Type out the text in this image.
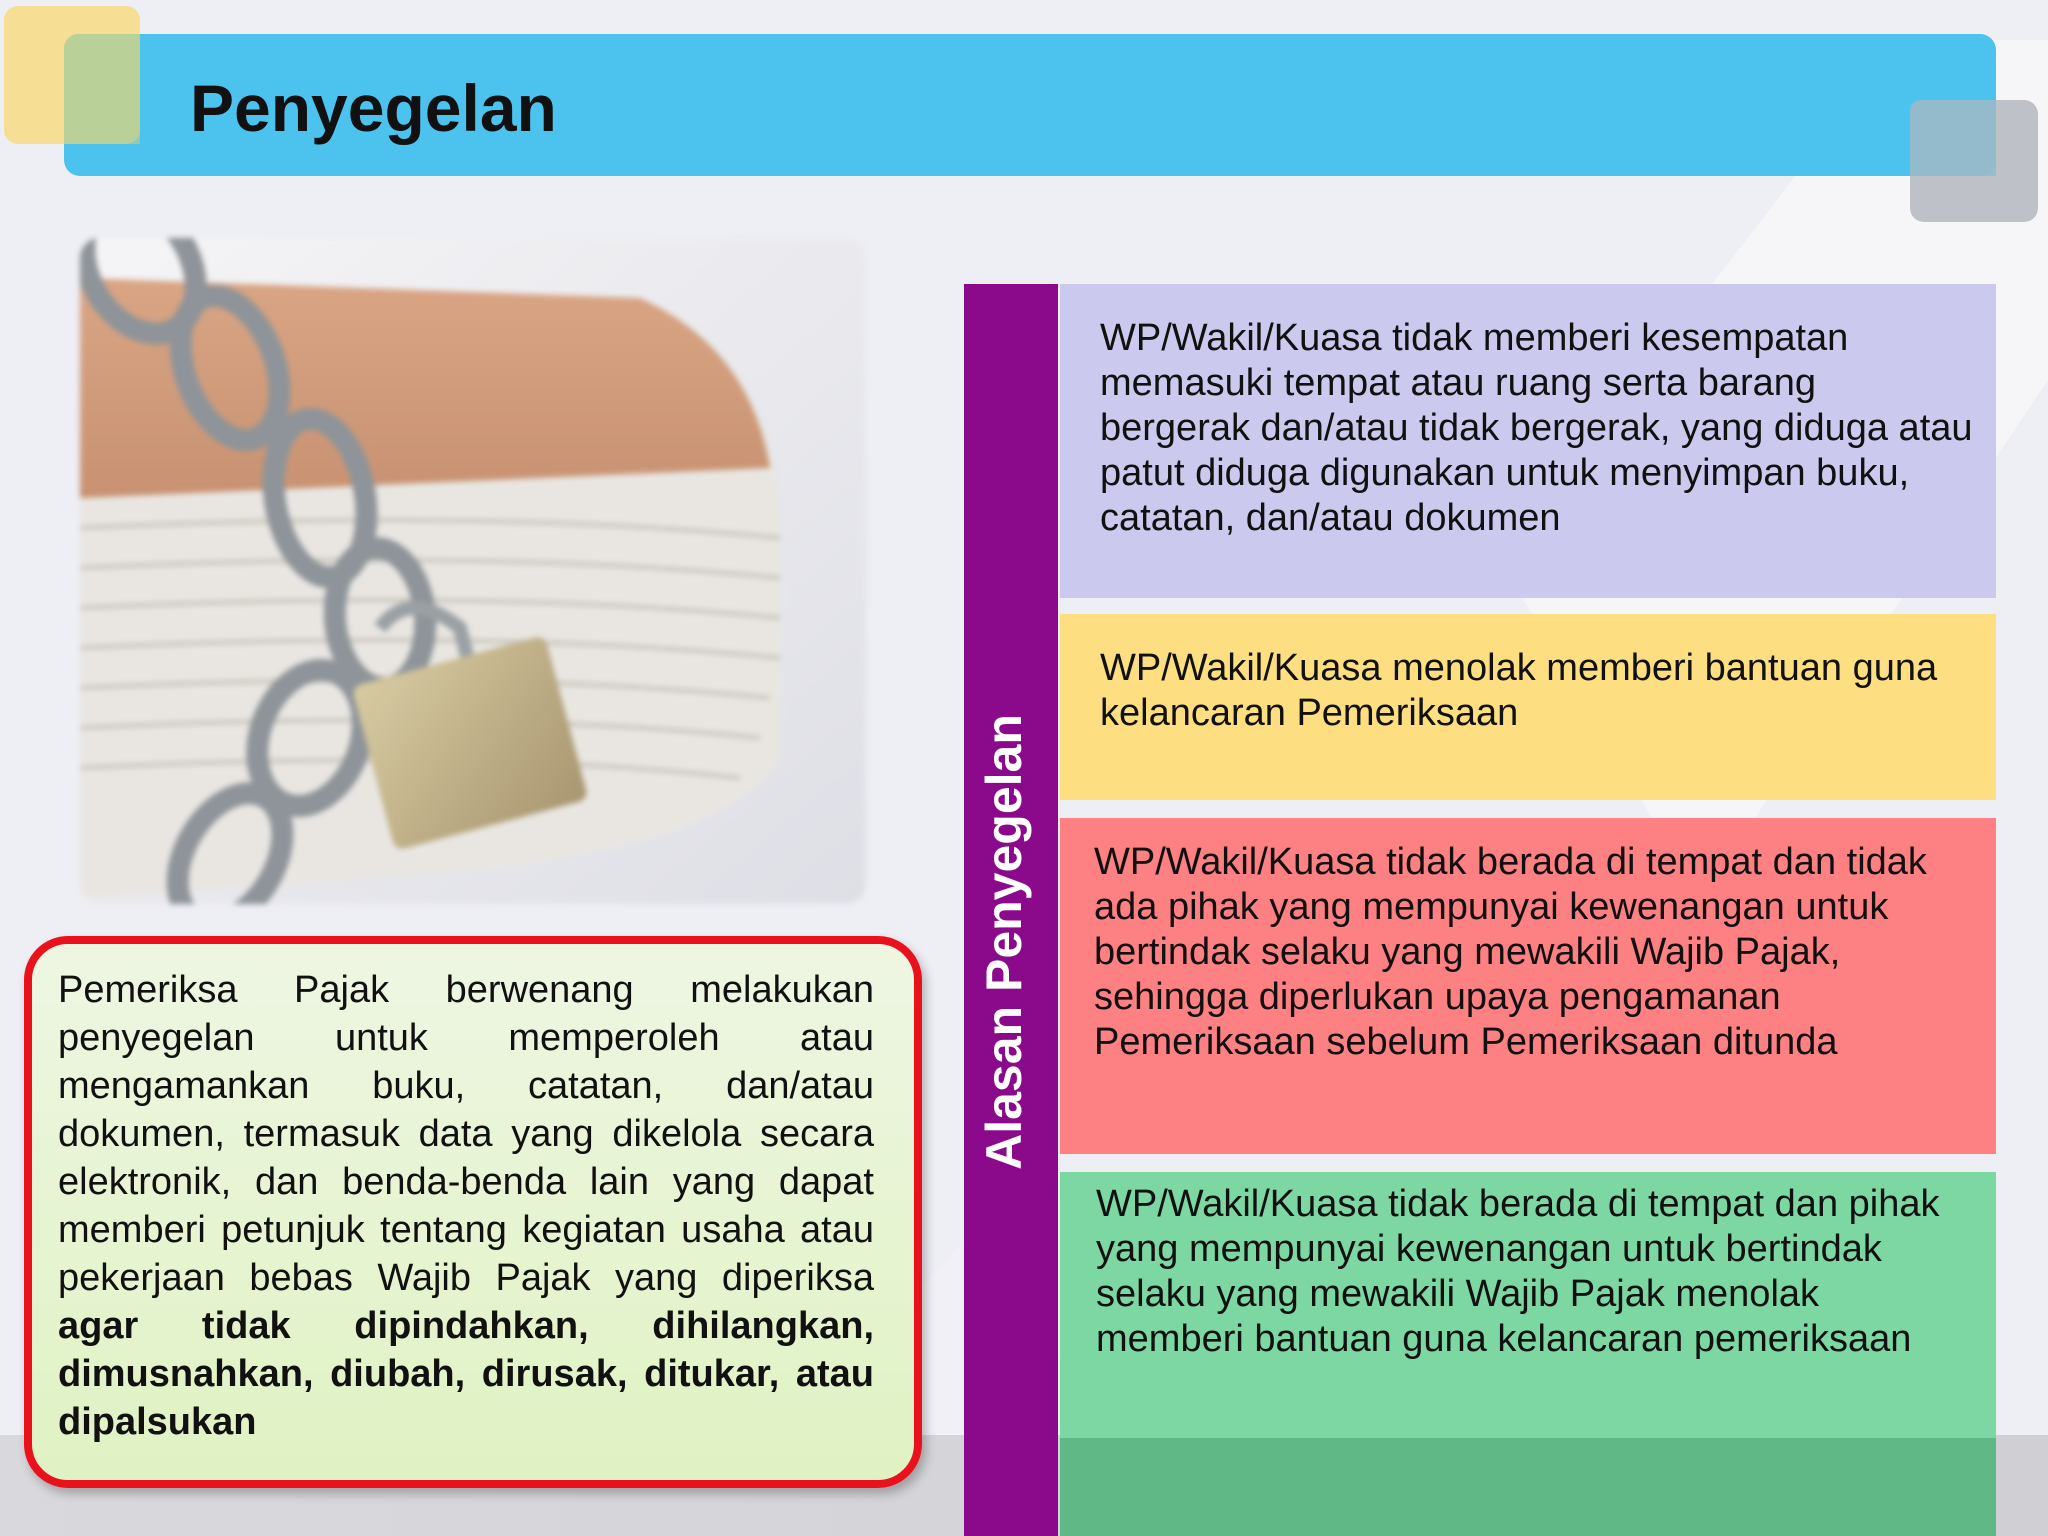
Penyegelan

Pemeriksa Pajak berwenang melakukan penyegelan untuk memperoleh atau mengamankan buku, catatan, dan/atau dokumen, termasuk data yang dikelola secara elektronik, dan benda-benda lain yang dapat memberi petunjuk tentang kegiatan usaha atau pekerjaan bebas Wajib Pajak yang diperiksa agar tidak dipindahkan, dihilangkan, dimusnahkan, diubah, dirusak, ditukar, atau dipalsukan

Alasan Penyegelan
WP/Wakil/Kuasa tidak memberi kesempatan memasuki tempat atau ruang serta barang bergerak dan/atau tidak bergerak, yang diduga atau patut diduga digunakan untuk menyimpan buku, catatan, dan/atau dokumen
WP/Wakil/Kuasa menolak memberi bantuan guna kelancaran Pemeriksaan
WP/Wakil/Kuasa tidak berada di tempat dan tidak ada pihak yang mempunyai kewenangan untuk bertindak selaku yang mewakili Wajib Pajak, sehingga diperlukan upaya pengamanan Pemeriksaan sebelum Pemeriksaan ditunda
WP/Wakil/Kuasa tidak berada di tempat dan pihak yang mempunyai kewenangan untuk bertindak selaku yang mewakili Wajib Pajak menolak memberi bantuan guna kelancaran pemeriksaan
